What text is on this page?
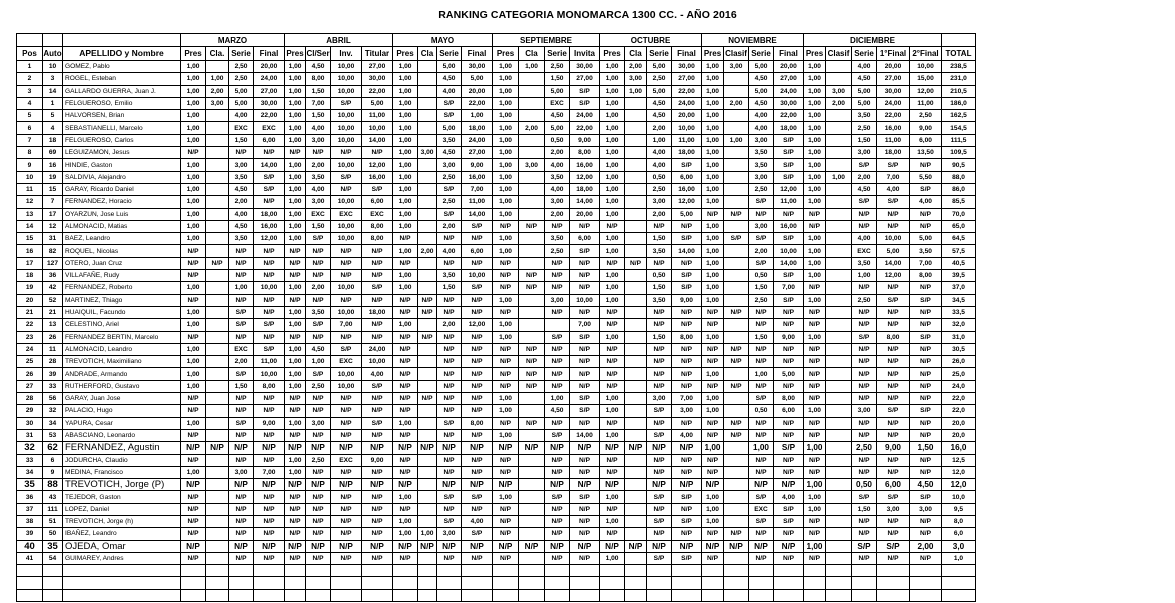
RANKING CATEGORIA MONOMARCA 1300 CC. - AÑO 2016
			MARZO				ABRIL				MAYO				SEPTIEMBRE				OCTUBRE				NOVIEMBRE				DICIEMBRE					
Pos	Auto	APELLIDO y Nombre	Pres	Cla.	Serie	Final	Pres	Cl/Ser	Inv.	Titular	Pres	Cla	Serie	Final	Pres	Cla	Serie	Invita	Pres	Cla	Serie	Final	Pres	Clasif	Serie	Final	Pres	Clasif	Serie	1°Final	2°Final	TOTAL
1	10	GOMEZ, Pablo	1,00		2,50	20,00	1,00	4,50	10,00	27,00	1,00		5,00	30,00	1,00	1,00	2,50	30,00	1,00	2,00	5,00	30,00	1,00	3,00	5,00	20,00	1,00		4,00	20,00	10,00	238,5
2	3	ROGEL, Esteban	1,00	1,00	2,50	24,00	1,00	8,00	10,00	30,00	1,00		4,50	5,00	1,00		1,50	27,00	1,00	3,00	2,50	27,00	1,00		4,50	27,00	1,00		4,50	27,00	15,00	231,0
3	14	GALLARDO GUERRA, Juan J.	1,00	2,00	5,00	27,00	1,00	1,50	10,00	22,00	1,00		4,00	20,00	1,00		5,00	S/P	1,00	1,00	5,00	22,00	1,00		5,00	24,00	1,00	3,00	5,00	30,00	12,00	210,5
4	1	FELGUEROSO, Emilio	1,00	3,00	5,00	30,00	1,00	7,00	S/P	5,00	1,00		S/P	22,00	1,00		EXC	S/P	1,00		4,50	24,00	1,00	2,00	4,50	30,00	1,00	2,00	5,00	24,00	11,00	186,0
5	5	HALVORSEN, Brian	1,00		4,00	22,00	1,00	1,50	10,00	11,00	1,00		S/P	1,00	1,00		4,50	24,00	1,00		4,50	20,00	1,00		4,00	22,00	1,00		3,50	22,00	2,50	162,5
6	4	SEBASTIANELLI, Marcelo	1,00		EXC	EXC	1,00	4,00	10,00	10,00	1,00		5,00	18,00	1,00	2,00	5,00	22,00	1,00		2,00	10,00	1,00		4,00	18,00	1,00		2,50	16,00	9,00	154,5
7	18	FELGUEROSO, Carlos	1,00		1,50	6,00	1,00	3,00	10,00	14,00	1,00		3,50	24,00	1,00		0,50	9,00	1,00		1,00	11,00	1,00	1,00	3,00	S/P	1,00		1,50	11,00	6,00	111,5
8	69	LEGUIZAMON, Jesus	N/P		N/P	N/P	N/P	N/P	N/P	N/P	1,00	3,00	4,50	27,00	1,00		2,00	8,00	1,00		4,00	18,00	1,00		3,50	S/P	1,00		3,00	18,00	13,50	109,5
9	16	HINDIE, Gaston	1,00		3,00	14,00	1,00	2,00	10,00	12,00	1,00		3,00	9,00	1,00	3,00	4,00	16,00	1,00		4,00	S/P	1,00		3,50	S/P	1,00		S/P	S/P	N/P	90,5
10	19	SALDIVIA, Alejandro	1,00		3,50	S/P	1,00	3,50	S/P	16,00	1,00		2,50	16,00	1,00		3,50	12,00	1,00		0,50	6,00	1,00		3,00	S/P	1,00	1,00	2,00	7,00	5,50	88,0
11	15	GARAY, Ricardo Daniel	1,00		4,50	S/P	1,00	4,00	N/P	S/P	1,00		S/P	7,00	1,00		4,00	18,00	1,00		2,50	16,00	1,00		2,50	12,00	1,00		4,50	4,00	S/P	86,0
12	7	FERNANDEZ, Horacio	1,00		2,00	N/P	1,00	3,00	10,00	6,00	1,00		2,50	11,00	1,00		3,00	14,00	1,00		3,00	12,00	1,00		S/P	11,00	1,00		S/P	S/P	4,00	85,5
13	17	OYARZUN, Jose Luis	1,00		4,00	18,00	1,00	EXC	EXC	EXC	1,00		S/P	14,00	1,00		2,00	20,00	1,00		2,00	5,00	N/P	N/P	N/P	N/P	N/P		N/P	N/P	N/P	70,0
14	12	ALMONACID, Matias	1,00		4,50	16,00	1,00	1,50	10,00	8,00	1,00		2,00	S/P	N/P	N/P	N/P	N/P	N/P		N/P	N/P	1,00		3,00	16,00	N/P		N/P	N/P	N/P	65,0
15	31	BAEZ, Leandro	1,00		3,50	12,00	1,00	S/P	10,00	8,00	N/P		N/P	N/P	1,00		3,50	6,00	1,00		1,50	S/P	1,00	S/P	S/P	S/P	1,00		4,00	10,00	5,00	64,5
16	82	ROQUEL, Nicolas	N/P		N/P	N/P	N/P	N/P	N/P	N/P	1,00	2,00	4,00	6,00	1,00		2,50	S/P	1,00		3,50	14,00	1,00		2,00	10,00	1,00		EXC	5,00	3,50	57,5
17	127	OTERO, Juan Cruz	N/P	N/P	N/P	N/P	N/P	N/P	N/P	N/P	N/P		N/P	N/P	N/P		N/P	N/P	N/P	N/P	N/P	N/P	1,00		S/P	14,00	1,00		3,50	14,00	7,00	40,5
18	36	VILLAFAÑE, Rudy	N/P		N/P	N/P	N/P	N/P	N/P	N/P	1,00		3,50	10,00	N/P	N/P	N/P	N/P	1,00		0,50	S/P	1,00		0,50	S/P	1,00		1,00	12,00	8,00	39,5
19	42	FERNANDEZ, Roberto	1,00		1,00	10,00	1,00	2,00	10,00	S/P	1,00		1,50	S/P	N/P	N/P	N/P	N/P	1,00		1,50	S/P	1,00		1,50	7,00	N/P		N/P	N/P	N/P	37,0
20	52	MARTINEZ, Thiago	N/P		N/P	N/P	N/P	N/P	N/P	N/P	N/P	N/P	N/P	N/P	1,00		3,00	10,00	1,00		3,50	9,00	1,00		2,50	S/P	1,00		2,50	S/P	S/P	34,5
21	21	HUAIQUIL, Facundo	1,00		S/P	N/P	1,00	3,50	10,00	18,00	N/P	N/P	N/P	N/P	N/P		N/P	N/P	N/P		N/P	N/P	N/P	N/P	N/P	N/P	N/P		N/P	N/P	N/P	33,5
22	13	CELESTINO, Ariel	1,00		S/P	S/P	1,00	S/P	7,00	N/P	1,00		2,00	12,00	1,00			7,00	N/P		N/P	N/P	N/P		N/P	N/P	N/P		N/P	N/P	N/P	32,0
23	26	FERNANDEZ BERTIN, Marcelo	N/P		N/P	N/P	N/P	N/P	N/P	N/P	N/P	N/P	N/P	N/P	1,00		S/P	S/P	1,00		1,50	8,00	1,00		1,50	9,00	1,00		S/P	8,00	S/P	31,0
24	11	ALMONACID, Leandro	1,00		EXC	S/P	1,00	4,50	S/P	24,00	N/P		N/P	N/P	N/P	N/P	N/P	N/P	N/P		N/P	N/P	N/P	N/P	N/P	N/P	N/P		N/P	N/P	N/P	30,5
25	28	TREVOTICH, Maximiliano	1,00		2,00	11,00	1,00	1,00	EXC	10,00	N/P		N/P	N/P	N/P	N/P	N/P	N/P	N/P		N/P	N/P	N/P	N/P	N/P	N/P	N/P		N/P	N/P	N/P	26,0
26	39	ANDRADE, Armando	1,00		S/P	10,00	1,00	S/P	10,00	4,00	N/P		N/P	N/P	N/P	N/P	N/P	N/P	N/P		N/P	N/P	1,00		1,00	5,00	N/P		N/P	N/P	N/P	25,0
27	33	RUTHERFORD, Gustavo	1,00		1,50	8,00	1,00	2,50	10,00	S/P	N/P		N/P	N/P	N/P	N/P	N/P	N/P	N/P		N/P	N/P	N/P	N/P	N/P	N/P	N/P		N/P	N/P	N/P	24,0
28	56	GARAY, Juan Jose	N/P		N/P	N/P	N/P	N/P	N/P	N/P	N/P	N/P	N/P	N/P	1,00		1,00	S/P	1,00		3,00	7,00	1,00		S/P	8,00	N/P		N/P	N/P	N/P	22,0
29	32	PALACIO, Hugo	N/P		N/P	N/P	N/P	N/P	N/P	N/P	N/P		N/P	N/P	1,00		4,50	S/P	1,00		S/P	3,00	1,00		0,50	6,00	1,00		3,00	S/P	S/P	22,0
30	34	YAPURA, Cesar	1,00		S/P	9,00	1,00	3,00	N/P	S/P	1,00		S/P	8,00	N/P	N/P	N/P	N/P	N/P		N/P	N/P	N/P	N/P	N/P	N/P	N/P		N/P	N/P	N/P	20,0
31	53	ABASCIANO, Leonardo	N/P		N/P	N/P	N/P	N/P	N/P	N/P	N/P		N/P	N/P	1,00		S/P	14,00	1,00		S/P	4,00	N/P	N/P	N/P	N/P	N/P		N/P	N/P	N/P	20,0
32	62	FERNANDEZ, Agustin	N/P	N/P	N/P	N/P	N/P	N/P	N/P	N/P	N/P	N/P	N/P	N/P	N/P	N/P	N/P	N/P	N/P	N/P	N/P	N/P	1,00		1,00	S/P	1,00		2,50	9,00	1,50	16,0
33	6	JODURCHA, Claudio	N/P		N/P	N/P	1,00	2,50	EXC	9,00	N/P		N/P	N/P	N/P		N/P	N/P	N/P		N/P	N/P	N/P		N/P	N/P	N/P		N/P	N/P	N/P	12,5
34	9	MEDINA, Francisco	1,00		3,00	7,00	1,00	N/P	N/P	N/P	N/P		N/P	N/P	N/P		N/P	N/P	N/P		N/P	N/P	N/P		N/P	N/P	N/P		N/P	N/P	N/P	12,0
35	88	TREVOTICH, Jorge (P)	N/P		N/P	N/P	N/P	N/P	N/P	N/P	N/P		N/P	N/P	N/P		N/P	N/P	N/P		N/P	N/P	N/P		N/P	N/P	1,00		0,50	6,00	4,50	12,0
36	43	TEJEDOR, Gaston	N/P		N/P	N/P	N/P	N/P	N/P	N/P	1,00		S/P	S/P	1,00		S/P	S/P	1,00		S/P	S/P	1,00		S/P	4,00	1,00		S/P	S/P	S/P	10,0
37	111	LOPEZ, Daniel	N/P		N/P	N/P	N/P	N/P	N/P	N/P	N/P		N/P	N/P	N/P		N/P	N/P	N/P		N/P	N/P	1,00		EXC	S/P	1,00		1,50	3,00	3,00	9,5
38	51	TREVOTICH, Jorge (h)	N/P		N/P	N/P	N/P	N/P	N/P	N/P	1,00		S/P	4,00	N/P		N/P	N/P	1,00		S/P	S/P	1,00		S/P	S/P	N/P		N/P	N/P	N/P	8,0
39	50	IBAÑEZ, Leandro	N/P		N/P	N/P	N/P	N/P	N/P	N/P	1,00	1,00	3,00	S/P	N/P		N/P	N/P	N/P		N/P	N/P	N/P	N/P	N/P	N/P	N/P		N/P	N/P	N/P	6,0
40	35	OJEDA, Omar	N/P		N/P	N/P	N/P	N/P	N/P	N/P	N/P	N/P	N/P	N/P	N/P	N/P	N/P	N/P	N/P	N/P	N/P	N/P	N/P	N/P	N/P	N/P	1,00		S/P	S/P	2,00	3,0
41	54	GUIMAREY, Andres	N/P		N/P	N/P	N/P	N/P	N/P	N/P	N/P		N/P	N/P	N/P		N/P	N/P	1,00		S/P	S/P	N/P		N/P	N/P	N/P		N/P	N/P	N/P	1,0
